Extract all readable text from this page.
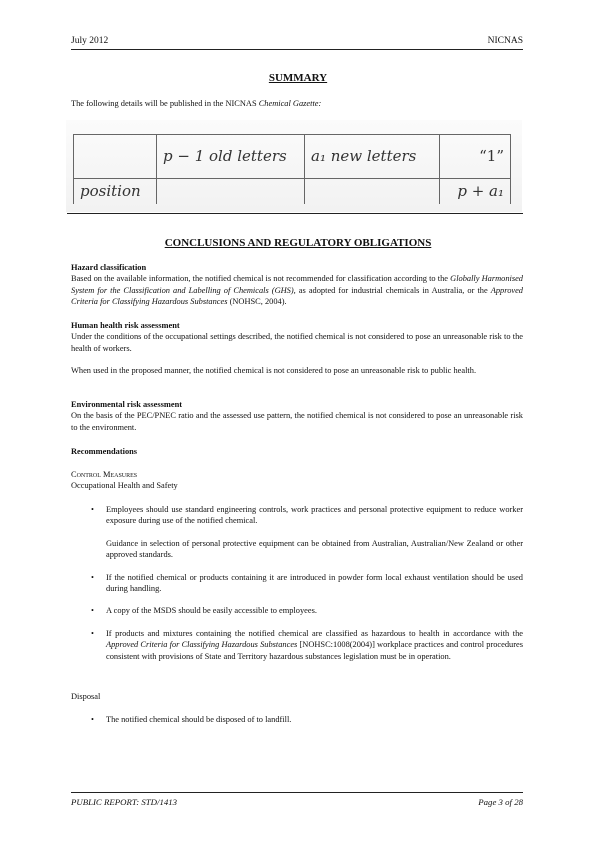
July 2012	NICNAS
SUMMARY
The following details will be published in the NICNAS Chemical Gazette:
	p − 1 old letters	a₁ new letters	“1”
position			p + a₁
CONCLUSIONS AND REGULATORY OBLIGATIONS
Hazard classification

Based on the available information, the notified chemical is not recommended for classification according to the Globally Harmonised System for the Classification and Labelling of Chemicals (GHS), as adopted for industrial chemicals in Australia, or the Approved Criteria for Classifying Hazardous Substances (NOHSC, 2004).

Human health risk assessment

Under the conditions of the occupational settings described, the notified chemical is not considered to pose an unreasonable risk to the health of workers.

When used in the proposed manner, the notified chemical is not considered to pose an unreasonable risk to public health.

Environmental risk assessment

On the basis of the PEC/PNEC ratio and the assessed use pattern, the notified chemical is not considered to pose an unreasonable risk to the environment.

Recommendations
Control Measures
Occupational Health and Safety
• Employees should use standard engineering controls, work practices and personal protective equipment to reduce worker exposure during use of the notified chemical.
Guidance in selection of personal protective equipment can be obtained from Australian, Australian/New Zealand or other approved standards.
• If the notified chemical or products containing it are introduced in powder form local exhaust ventilation should be used during handling.
• A copy of the MSDS should be easily accessible to employees.
• If products and mixtures containing the notified chemical are classified as hazardous to health in accordance with the Approved Criteria for Classifying Hazardous Substances [NOHSC:1008(2004)] workplace practices and control procedures consistent with provisions of State and Territory hazardous substances legislation must be in operation.
Disposal
• The notified chemical should be disposed of to landfill.
PUBLIC REPORT: STD/1413	Page 3 of 28
